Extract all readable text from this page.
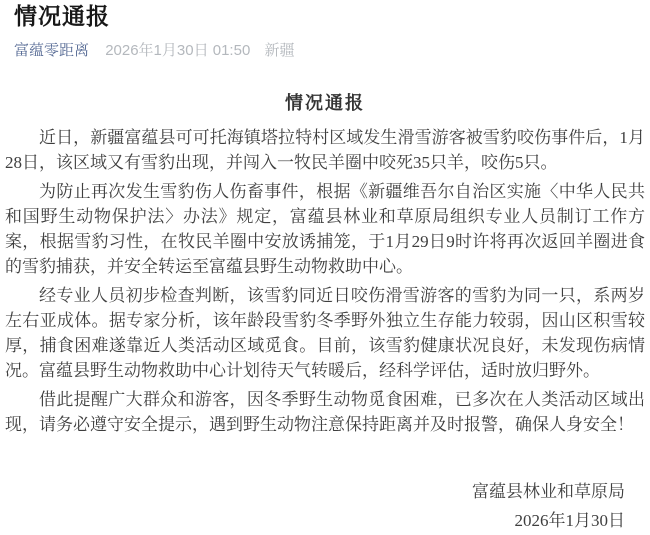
情况通报
富蕴零距离 2026年1月30日 01:50 新疆
情况通报

近日，新疆富蕴县可可托海镇塔拉特村区域发生滑雪游客被雪豹咬伤事件后，1月28日，该区域又有雪豹出现，并闯入一牧民羊圈中咬死35只羊，咬伤5只。

为防止再次发生雪豹伤人伤畜事件，根据《新疆维吾尔自治区实施〈中华人民共和国野生动物保护法〉办法》规定，富蕴县林业和草原局组织专业人员制订工作方案，根据雪豹习性，在牧民羊圈中安放诱捕笼，于1月29日9时许将再次返回羊圈进食的雪豹捕获，并安全转运至富蕴县野生动物救助中心。

经专业人员初步检查判断，该雪豹同近日咬伤滑雪游客的雪豹为同一只，系两岁左右亚成体。据专家分析，该年龄段雪豹冬季野外独立生存能力较弱，因山区积雪较厚，捕食困难遂靠近人类活动区域觅食。目前，该雪豹健康状况良好，未发现伤病情况。富蕴县野生动物救助中心计划待天气转暖后，经科学评估，适时放归野外。

借此提醒广大群众和游客，因冬季野生动物觅食困难，已多次在人类活动区域出现，请务必遵守安全提示，遇到野生动物注意保持距离并及时报警，确保人身安全！

富蕴县林业和草原局

2026年1月30日
